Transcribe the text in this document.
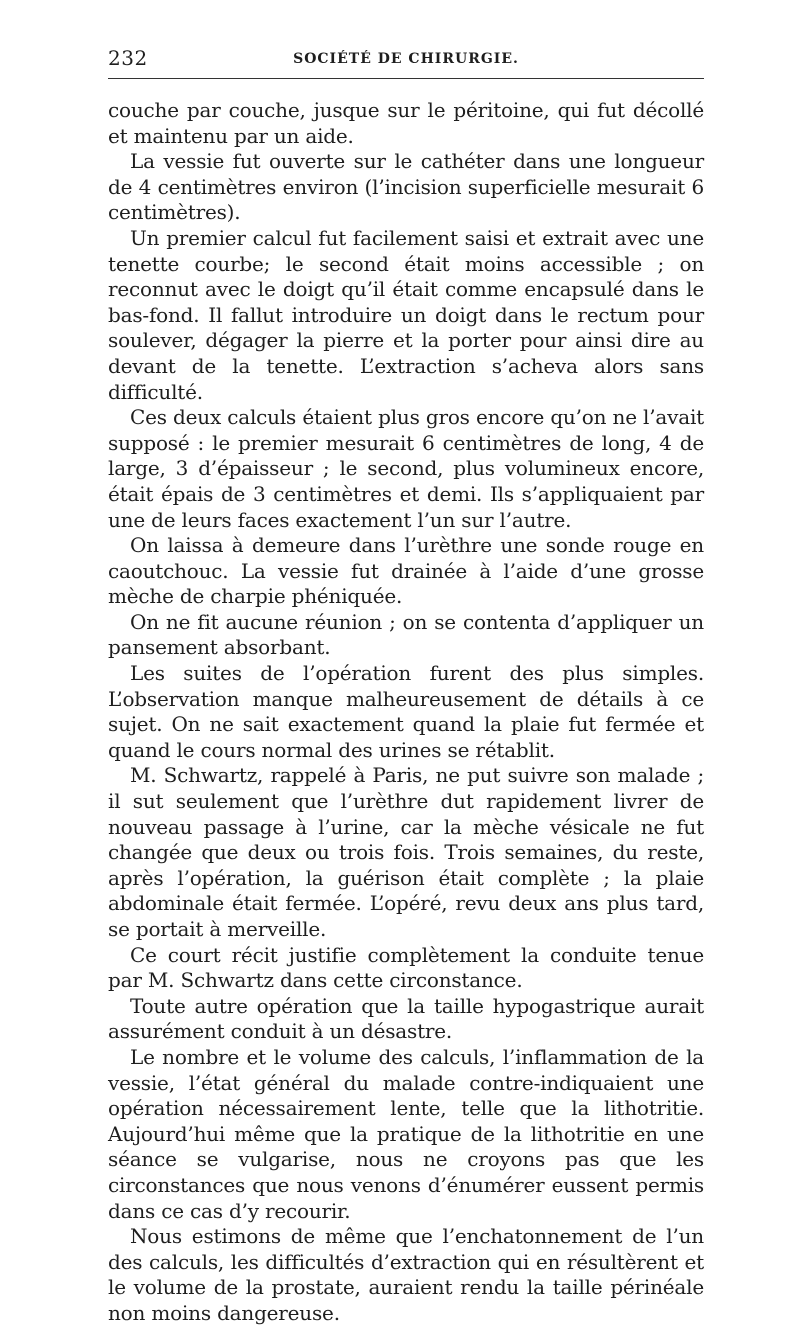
232	SOCIÉTÉ DE CHIRURGIE.

couche par couche, jusque sur le péritoine, qui fut décollé et maintenu par un aide.

La vessie fut ouverte sur le cathéter dans une longueur de 4 centimètres environ (l’incision superficielle mesurait 6 centimètres).

Un premier calcul fut facilement saisi et extrait avec une tenette courbe; le second était moins accessible ; on reconnut avec le doigt qu’il était comme encapsulé dans le bas-fond. Il fallut introduire un doigt dans le rectum pour soulever, dégager la pierre et la porter pour ainsi dire au devant de la tenette. L’extraction s’acheva alors sans difficulté.

Ces deux calculs étaient plus gros encore qu’on ne l’avait supposé : le premier mesurait 6 centimètres de long, 4 de large, 3 d’épaisseur ; le second, plus volumineux encore, était épais de 3 centimètres et demi. Ils s’appliquaient par une de leurs faces exactement l’un sur l’autre.

On laissa à demeure dans l’urèthre une sonde rouge en caoutchouc. La vessie fut drainée à l’aide d’une grosse mèche de charpie phéniquée.

On ne fit aucune réunion ; on se contenta d’appliquer un pansement absorbant.

Les suites de l’opération furent des plus simples. L’observation manque malheureusement de détails à ce sujet. On ne sait exactement quand la plaie fut fermée et quand le cours normal des urines se rétablit.

M. Schwartz, rappelé à Paris, ne put suivre son malade ; il sut seulement que l’urèthre dut rapidement livrer de nouveau passage à l’urine, car la mèche vésicale ne fut changée que deux ou trois fois. Trois semaines, du reste, après l’opération, la guérison était complète ; la plaie abdominale était fermée. L’opéré, revu deux ans plus tard, se portait à merveille.

Ce court récit justifie complètement la conduite tenue par M. Schwartz dans cette circonstance.

Toute autre opération que la taille hypogastrique aurait assurément conduit à un désastre.

Le nombre et le volume des calculs, l’inflammation de la vessie, l’état général du malade contre-indiquaient une opération nécessairement lente, telle que la lithotritie. Aujourd’hui même que la pratique de la lithotritie en une séance se vulgarise, nous ne croyons pas que les circonstances que nous venons d’énumérer eussent permis dans ce cas d’y recourir.

Nous estimons de même que l’enchatonnement de l’un des calculs, les difficultés d’extraction qui en résultèrent et le volume de la prostate, auraient rendu la taille périnéale non moins dangereuse.
